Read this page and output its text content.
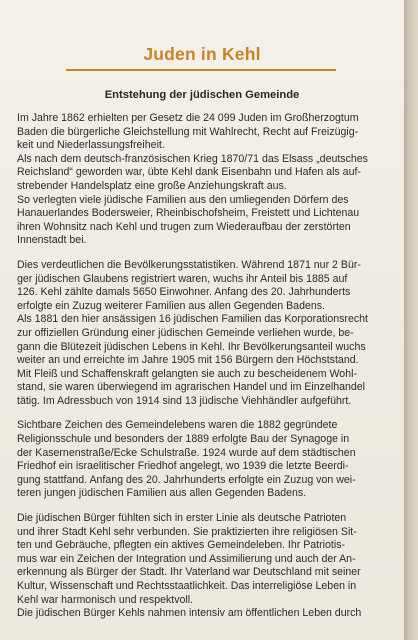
Juden in Kehl
Entstehung der jüdischen Gemeinde

Im Jahre 1862 erhielten per Gesetz die 24 099 Juden im Großherzogtum
Baden die bürgerliche Gleichstellung mit Wahlrecht, Recht auf Freizügig-
keit und Niederlassungsfreiheit.
Als nach dem deutsch-französischen Krieg 1870/71 das Elsass „deutsches
Reichsland“ geworden war, übte Kehl dank Eisenbahn und Hafen als auf-
strebender Handelsplatz eine große Anziehungskraft aus.
So verlegten viele jüdische Familien aus den umliegenden Dörfern des
Hanauerlandes Bodersweier, Rheinbischofsheim, Freistett und Lichtenau
ihren Wohnsitz nach Kehl und trugen zum Wiederaufbau der zerstörten
Innenstadt bei.

Dies verdeutlichen die Bevölkerungsstatistiken. Während 1871 nur 2 Bür-
ger jüdischen Glaubens registriert waren, wuchs ihr Anteil bis 1885 auf
126. Kehl zählte damals 5650 Einwohner. Anfang des 20. Jahrhunderts
erfolgte ein Zuzug weiterer Familien aus allen Gegenden Badens.
Als 1881 den hier ansässigen 16 jüdischen Familien das Korporationsrecht
zur offiziellen Gründung einer jüdischen Gemeinde verliehen wurde, be-
gann die Blütezeit jüdischen Lebens in Kehl. Ihr Bevölkerungsanteil wuchs
weiter an und erreichte im Jahre 1905 mit 156 Bürgern den Höchststand.
Mit Fleiß und Schaffenskraft gelangten sie auch zu bescheidenem Wohl-
stand, sie waren überwiegend im agrarischen Handel und im Einzelhandel
tätig. Im Adressbuch von 1914 sind 13 jüdische Viehhändler aufgeführt.

Sichtbare Zeichen des Gemeindelebens waren die 1882 gegründete
Religionsschule und besonders der 1889 erfolgte Bau der Synagoge in
der Kasernenstraße/Ecke Schulstraße. 1924 wurde auf dem städtischen
Friedhof ein israelitischer Friedhof angelegt, wo 1939 die letzte Beerdi-
gung stattfand. Anfang des 20. Jahrhunderts erfolgte ein Zuzug von wei-
teren jungen jüdischen Familien aus allen Gegenden Badens.

Die jüdischen Bürger fühlten sich in erster Linie als deutsche Patrioten
und ihrer Stadt Kehl sehr verbunden. Sie praktizierten ihre religiösen Sit-
ten und Gebräuche, pflegten ein aktives Gemeindeleben. Ihr Patriotis-
mus war ein Zeichen der Integration und Assimilierung und auch der An-
erkennung als Bürger der Stadt. Ihr Vaterland war Deutschland mit seiner
Kultur, Wissenschaft und Rechtsstaatlichkeit. Das interreligiöse Leben in
Kehl war harmonisch und respektvoll.
Die jüdischen Bürger Kehls nahmen intensiv am öffentlichen Leben durch
